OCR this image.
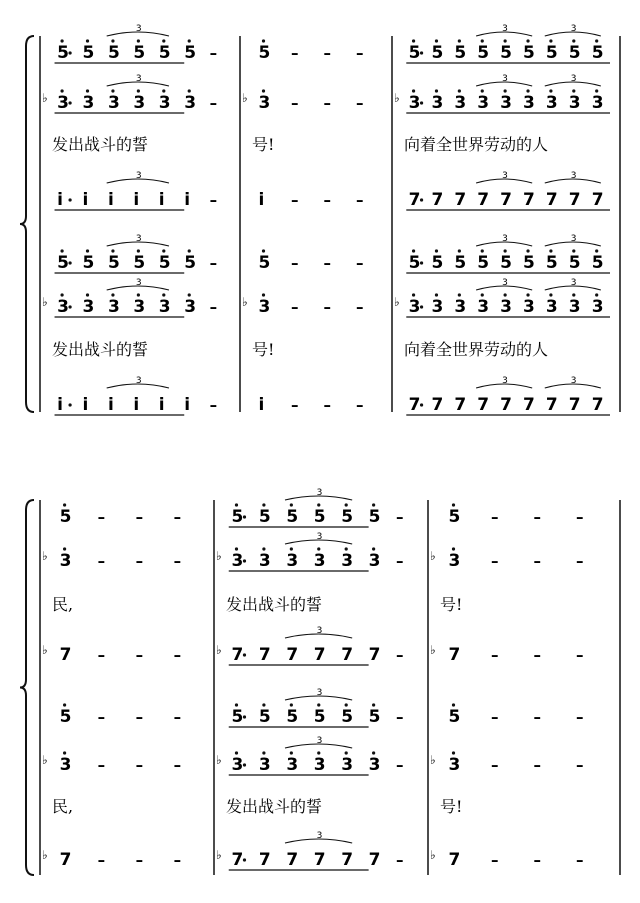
5 5 5 5 5 5 –
3
5 – – –	5 5 5 5 5 5 5 5 5
3	3
♭ 3 3 3 3 3 3 –
3
♭ 3 – – –	♭ 3 3 3 3 3 3 3 3 3
3	3
发出战斗的誓	号!	向着全世界劳动的人
i i i i i i –
3
i – – –	7 7 7 7 7 7 7 7 7
3	3
5 5 5 5 5 5 –
3
5 – – –	5 5 5 5 5 5 5 5 5
3	3
♭ 3 3 3 3 3 3 –
3
♭ 3 – – –	♭ 3 3 3 3 3 3 3 3 3
3	3
发出战斗的誓	号!	向着全世界劳动的人
i i i i i i –
3
i – – –	7 7 7 7 7 7 7 7 7
3	3
5 – – –	5 5 5 5 5 5 –
3
5 – – –
♭ 3 – – –	♭ 3 3 3 3 3 3 –
3
♭ 3 – – –
民,	发出战斗的誓	号!
♭ 7 – – –	♭ 7 7 7 7 7 7 –
3
♭ 7 – – –
5 – – –	5 5 5 5 5 5 –
3
5 – – –
♭ 3 – – –	♭ 3 3 3 3 3 3 –
3
♭ 3 – – –
民,	发出战斗的誓	号!
♭ 7 – – –	♭ 7 7 7 7 7 7 –
3
♭ 7 – – –
